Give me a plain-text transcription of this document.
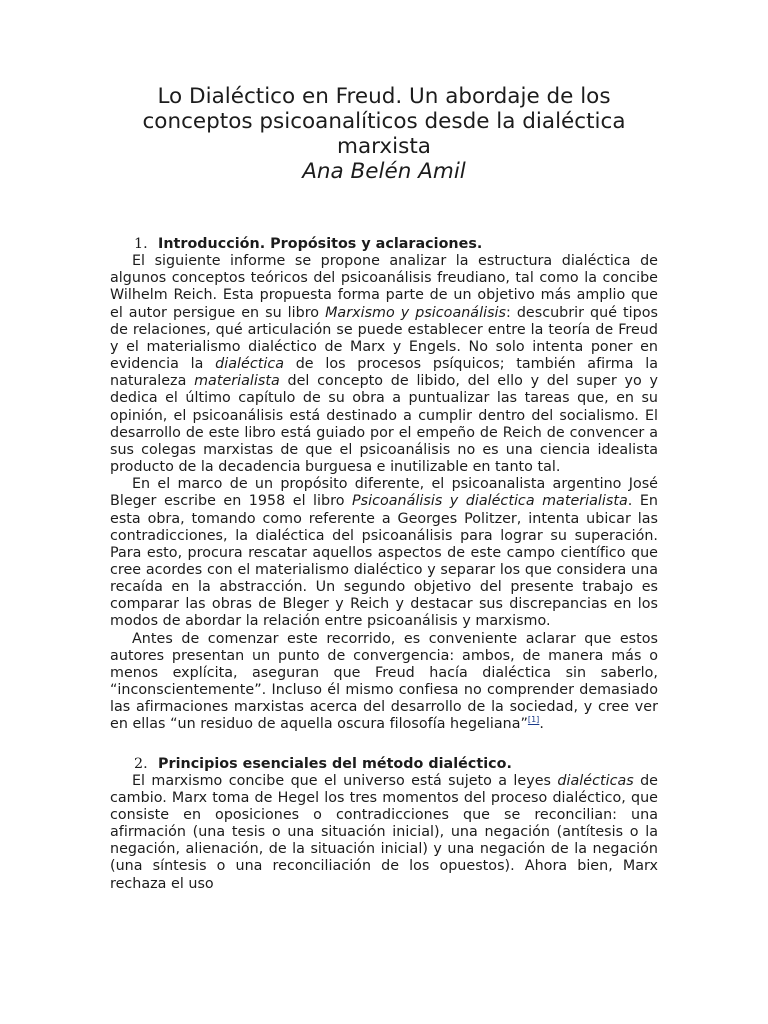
Lo Dialéctico en Freud. Un abordaje de los conceptos psicoanalíticos desde la dialéctica marxista

Ana Belén Amil

1. Introducción. Propósitos y aclaraciones.

El siguiente informe se propone analizar la estructura dialéctica de algunos conceptos teóricos del psicoanálisis freudiano, tal como la concibe Wilhelm Reich. Esta propuesta forma parte de un objetivo más amplio que el autor persigue en su libro Marxismo y psicoanálisis: descubrir qué tipos de relaciones, qué articulación se puede establecer entre la teoría de Freud y el materialismo dialéctico de Marx y Engels. No solo intenta poner en evidencia la dialéctica de los procesos psíquicos; también afirma la naturaleza materialista del concepto de libido, del ello y del super yo y dedica el último capítulo de su obra a puntualizar las tareas que, en su opinión, el psicoanálisis está destinado a cumplir dentro del socialismo. El desarrollo de este libro está guiado por el empeño de Reich de convencer a sus colegas marxistas de que el psicoanálisis no es una ciencia idealista producto de la decadencia burguesa e inutilizable en tanto tal.

En el marco de un propósito diferente, el psicoanalista argentino José Bleger escribe en 1958 el libro Psicoanálisis y dialéctica materialista. En esta obra, tomando como referente a Georges Politzer, intenta ubicar las contradicciones, la dialéctica del psicoanálisis para lograr su superación. Para esto, procura rescatar aquellos aspectos de este campo científico que cree acordes con el materialismo dialéctico y separar los que considera una recaída en la abstracción. Un segundo objetivo del presente trabajo es comparar las obras de Bleger y Reich y destacar sus discrepancias en los modos de abordar la relación entre psicoanálisis y marxismo.

Antes de comenzar este recorrido, es conveniente aclarar que estos autores presentan un punto de convergencia: ambos, de manera más o menos explícita, aseguran que Freud hacía dialéctica sin saberlo, “inconscientemente”. Incluso él mismo confiesa no comprender demasiado las afirmaciones marxistas acerca del desarrollo de la sociedad, y cree ver en ellas “un residuo de aquella oscura filosofía hegeliana”[1].

2. Principios esenciales del método dialéctico.

El marxismo concibe que el universo está sujeto a leyes dialécticas de cambio. Marx toma de Hegel los tres momentos del proceso dialéctico, que consiste en oposiciones o contradicciones que se reconcilian: una afirmación (una tesis o una situación inicial), una negación (antítesis o la negación, alienación, de la situación inicial) y una negación de la negación (una síntesis o una reconciliación de los opuestos). Ahora bien, Marx rechaza el uso
